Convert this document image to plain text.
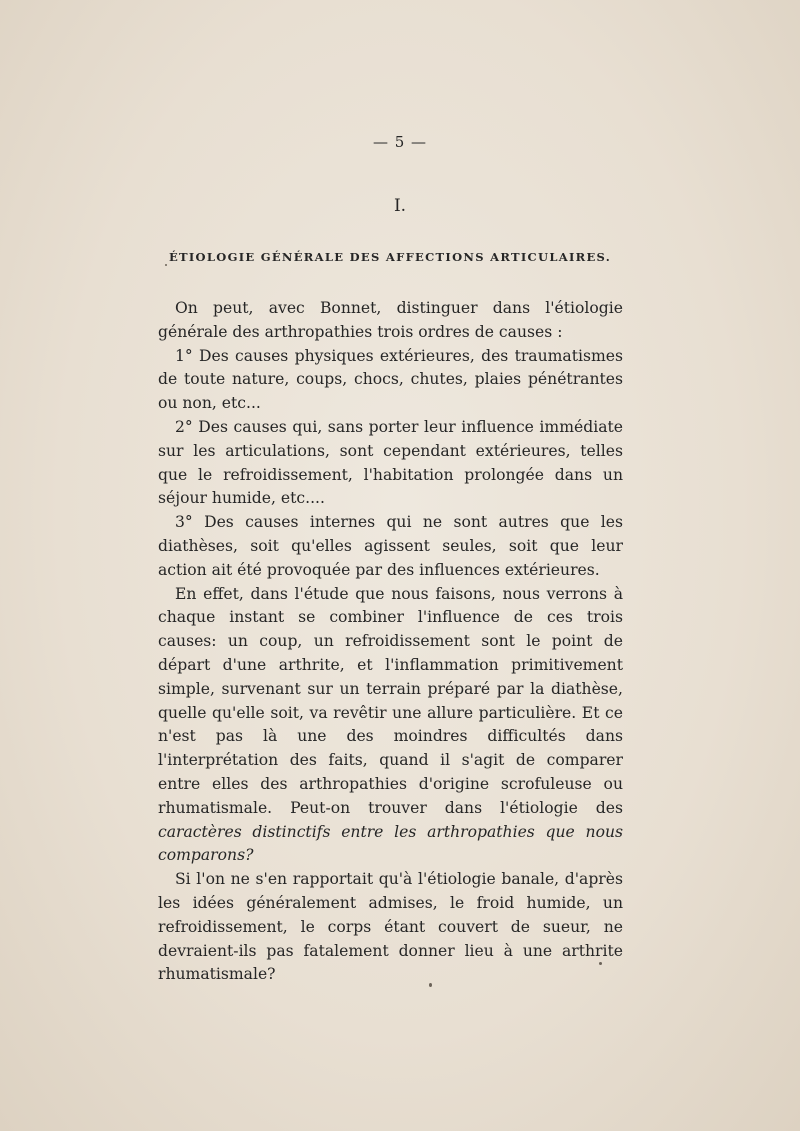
— 5 —
I.
ÉTIOLOGIE GÉNÉRALE DES AFFECTIONS ARTICULAIRES.

On peut, avec Bonnet, distinguer dans l'étiologie générale des arthropathies trois ordres de causes :

1° Des causes physiques extérieures, des traumatismes de toute nature, coups, chocs, chutes, plaies pénétrantes ou non, etc...

2° Des causes qui, sans porter leur influence immédiate sur les articulations, sont cependant extérieures, telles que le refroidissement, l'habitation prolongée dans un séjour humide, etc....

3° Des causes internes qui ne sont autres que les diathèses, soit qu'elles agissent seules, soit que leur action ait été provoquée par des influences extérieures.

En effet, dans l'étude que nous faisons, nous verrons à chaque instant se combiner l'influence de ces trois causes: un coup, un refroidissement sont le point de départ d'une arthrite, et l'inflammation primitivement simple, survenant sur un terrain préparé par la diathèse, quelle qu'elle soit, va revêtir une allure particulière. Et ce n'est pas là une des moindres difficultés dans l'interprétation des faits, quand il s'agit de comparer entre elles des arthropathies d'origine scrofuleuse ou rhumatismale. Peut-on trouver dans l'étiologie des caractères distinctifs entre les arthropathies que nous comparons?

Si l'on ne s'en rapportait qu'à l'étiologie banale, d'après les idées généralement admises, le froid humide, un refroidissement, le corps étant couvert de sueur, ne devraient-ils pas fatalement donner lieu à une arthrite rhumatismale?
